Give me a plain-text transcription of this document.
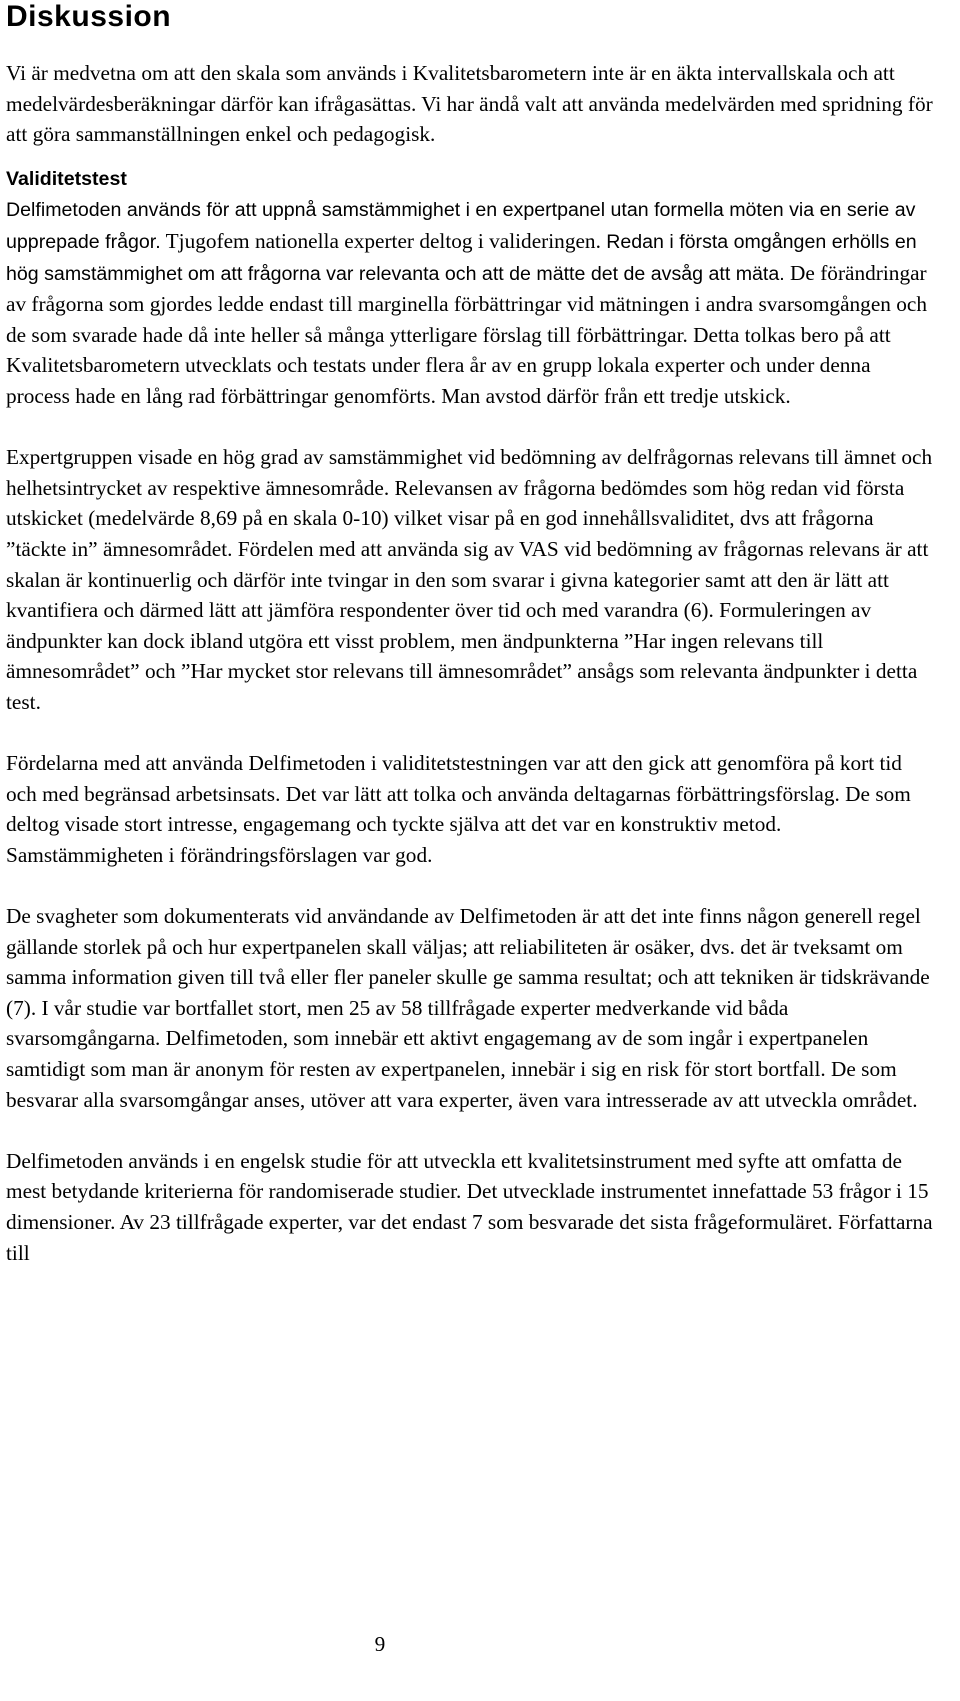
Diskussion

Vi är medvetna om att den skala som används i Kvalitetsbarometern inte är en äkta intervallskala och att medelvärdesberäkningar därför kan ifrågasättas. Vi har ändå valt att använda medelvärden med spridning för att göra sammanställningen enkel och pedagogisk.

Validitetstest

Delfimetoden används för att uppnå samstämmighet i en expertpanel utan formella möten via en serie av upprepade frågor. Tjugofem nationella experter deltog i valideringen. Redan i första omgången erhölls en hög samstämmighet om att frågorna var relevanta och att de mätte det de avsåg att mäta. De förändringar av frågorna som gjordes ledde endast till marginella förbättringar vid mätningen i andra svarsomgången och de som svarade hade då inte heller så många ytterligare förslag till förbättringar. Detta tolkas bero på att Kvalitetsbarometern utvecklats och testats under flera år av en grupp lokala experter och under denna process hade en lång rad förbättringar genomförts. Man avstod därför från ett tredje utskick.

Expertgruppen visade en hög grad av samstämmighet vid bedömning av delfrågornas relevans till ämnet och helhetsintrycket av respektive ämnesområde. Relevansen av frågorna bedömdes som hög redan vid första utskicket (medelvärde 8,69 på en skala 0-10) vilket visar på en god innehållsvaliditet, dvs att frågorna ”täckte in” ämnesområdet. Fördelen med att använda sig av VAS vid bedömning av frågornas relevans är att skalan är kontinuerlig och därför inte tvingar in den som svarar i givna kategorier samt att den är lätt att kvantifiera och därmed lätt att jämföra respondenter över tid och med varandra (6). Formuleringen av ändpunkter kan dock ibland utgöra ett visst problem, men ändpunkterna ”Har ingen relevans till ämnesområdet” och ”Har mycket stor relevans till ämnesområdet” ansågs som relevanta ändpunkter i detta test.

Fördelarna med att använda Delfimetoden i validitetstestningen var att den gick att genomföra på kort tid och med begränsad arbetsinsats. Det var lätt att tolka och använda deltagarnas förbättringsförslag. De som deltog visade stort intresse, engagemang och tyckte själva att det var en konstruktiv metod. Samstämmigheten i förändringsförslagen var god.

De svagheter som dokumenterats vid användande av Delfimetoden är att det inte finns någon generell regel gällande storlek på och hur expertpanelen skall väljas; att reliabiliteten är osäker, dvs. det är tveksamt om samma information given till två eller fler paneler skulle ge samma resultat; och att tekniken är tidskrävande (7). I vår studie var bortfallet stort, men 25 av 58 tillfrågade experter medverkande vid båda svarsomgångarna. Delfimetoden, som innebär ett aktivt engagemang av de som ingår i expertpanelen samtidigt som man är anonym för resten av expertpanelen, innebär i sig en risk för stort bortfall. De som besvarar alla svarsomgångar anses, utöver att vara experter, även vara intresserade av att utveckla området.

Delfimetoden används i en engelsk studie för att utveckla ett kvalitetsinstrument med syfte att omfatta de mest betydande kriterierna för randomiserade studier. Det utvecklade instrumentet innefattade 53 frågor i 15 dimensioner. Av 23 tillfrågade experter, var det endast 7 som besvarade det sista frågeformuläret. Författarna till

9
